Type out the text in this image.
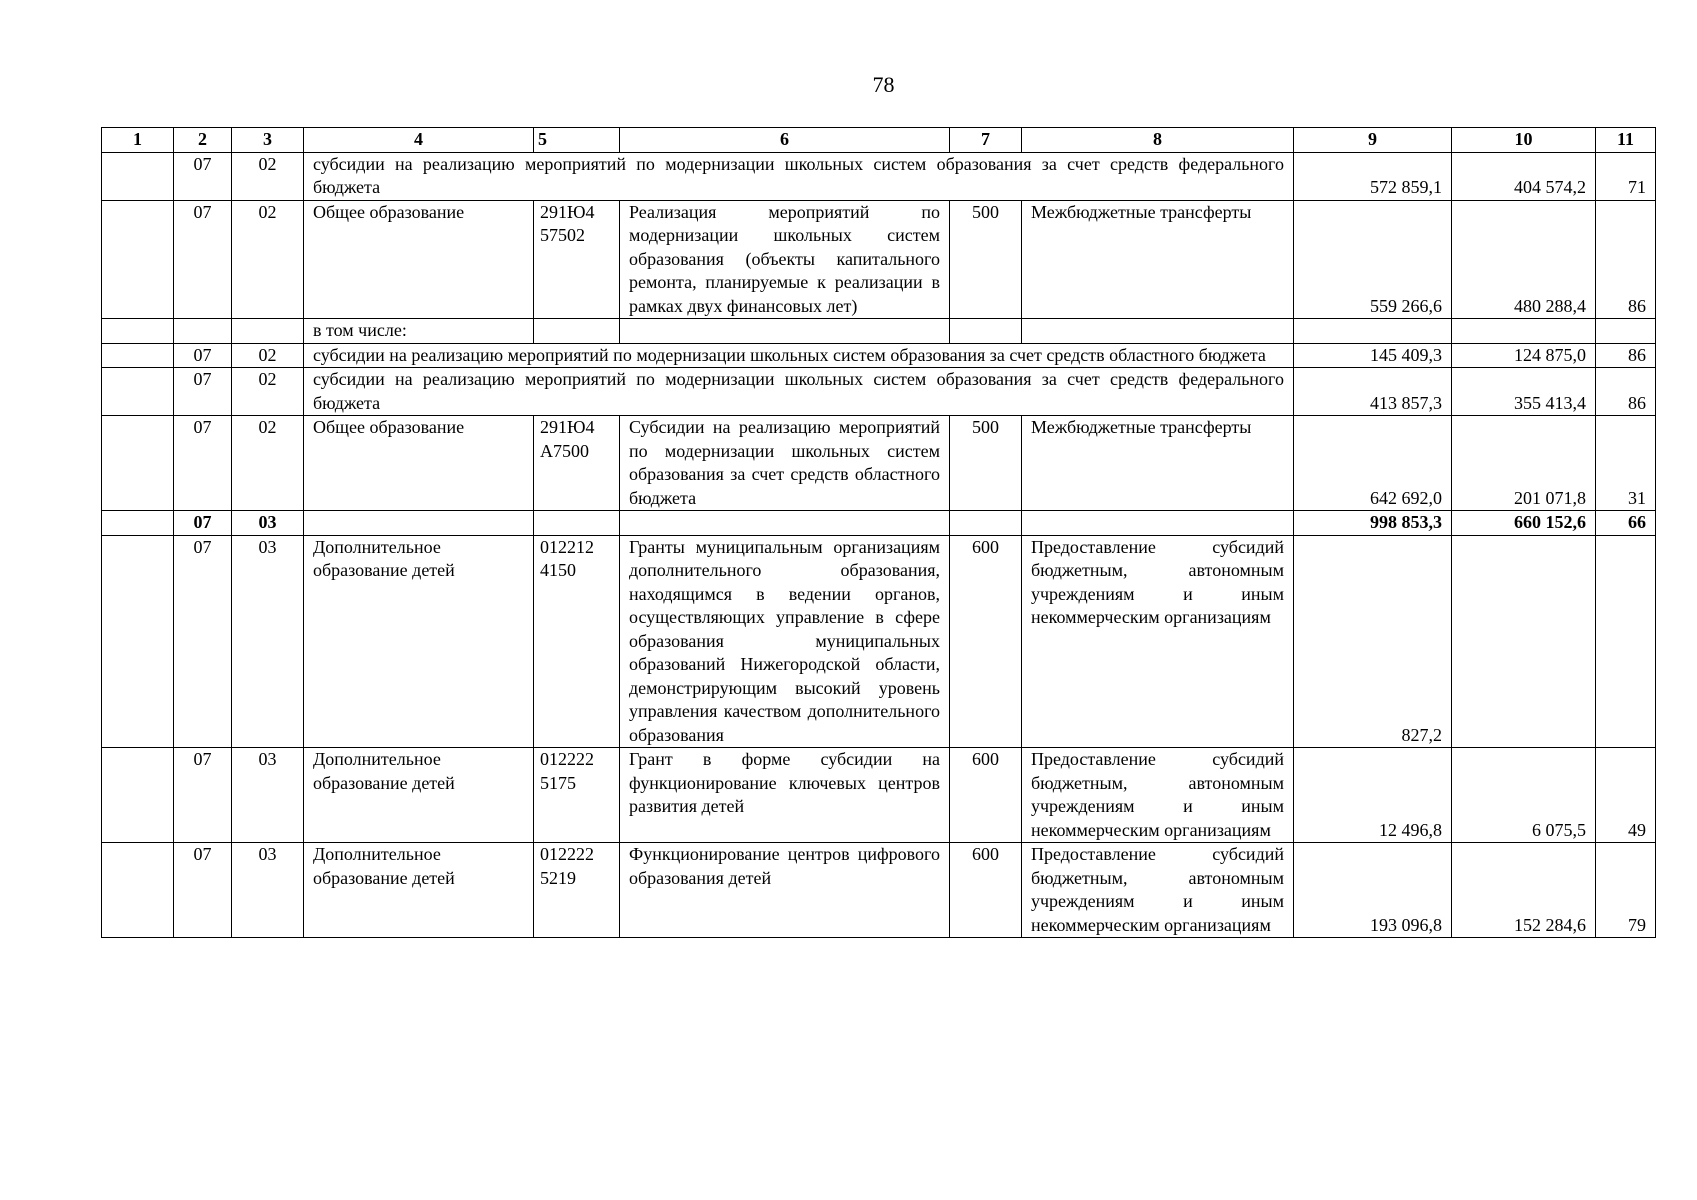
78
1	2	3	4	5	6	7	8	9	10	11
	07	02	субсидии на реализацию мероприятий по модернизации школьных систем образования за счет средств федерального бюджета					572 859,1	404 574,2	71
	07	02	Общее образование	291Ю4 57502	Реализация мероприятий по модернизации школьных систем образования (объекты капитального ремонта, планируемые к реализации в рамках двух финансовых лет)	500	Межбюджетные трансферты	559 266,6	480 288,4	86
			в том числе:							
	07	02	субсидии на реализацию мероприятий по модернизации школьных систем образования за счет средств областного бюджета					145 409,3	124 875,0	86
	07	02	субсидии на реализацию мероприятий по модернизации школьных систем образования за счет средств федерального бюджета					413 857,3	355 413,4	86
	07	02	Общее образование	291Ю4 А7500	Субсидии на реализацию мероприятий по модернизации школьных систем образования за счет средств областного бюджета	500	Межбюджетные трансферты	642 692,0	201 071,8	31
	07	03						998 853,3	660 152,6	66
	07	03	Дополнительное образование детей	012212 4150	Гранты муниципальным организациям дополнительного образования, находящимся в ведении органов, осуществляющих управление в сфере образования муниципальных образований Нижегородской области, демонстрирующим высокий уровень управления качеством дополнительного образования	600	Предоставление субсидий бюджетным, автономным учреждениям и иным некоммерческим организациям	827,2		
	07	03	Дополнительное образование детей	012222 5175	Грант в форме субсидии на функционирование ключевых центров развития детей	600	Предоставление субсидий бюджетным, автономным учреждениям и иным некоммерческим организациям	12 496,8	6 075,5	49
	07	03	Дополнительное образование детей	012222 5219	Функционирование центров цифрового образования детей	600	Предоставление субсидий бюджетным, автономным учреждениям и иным некоммерческим организациям	193 096,8	152 284,6	79
